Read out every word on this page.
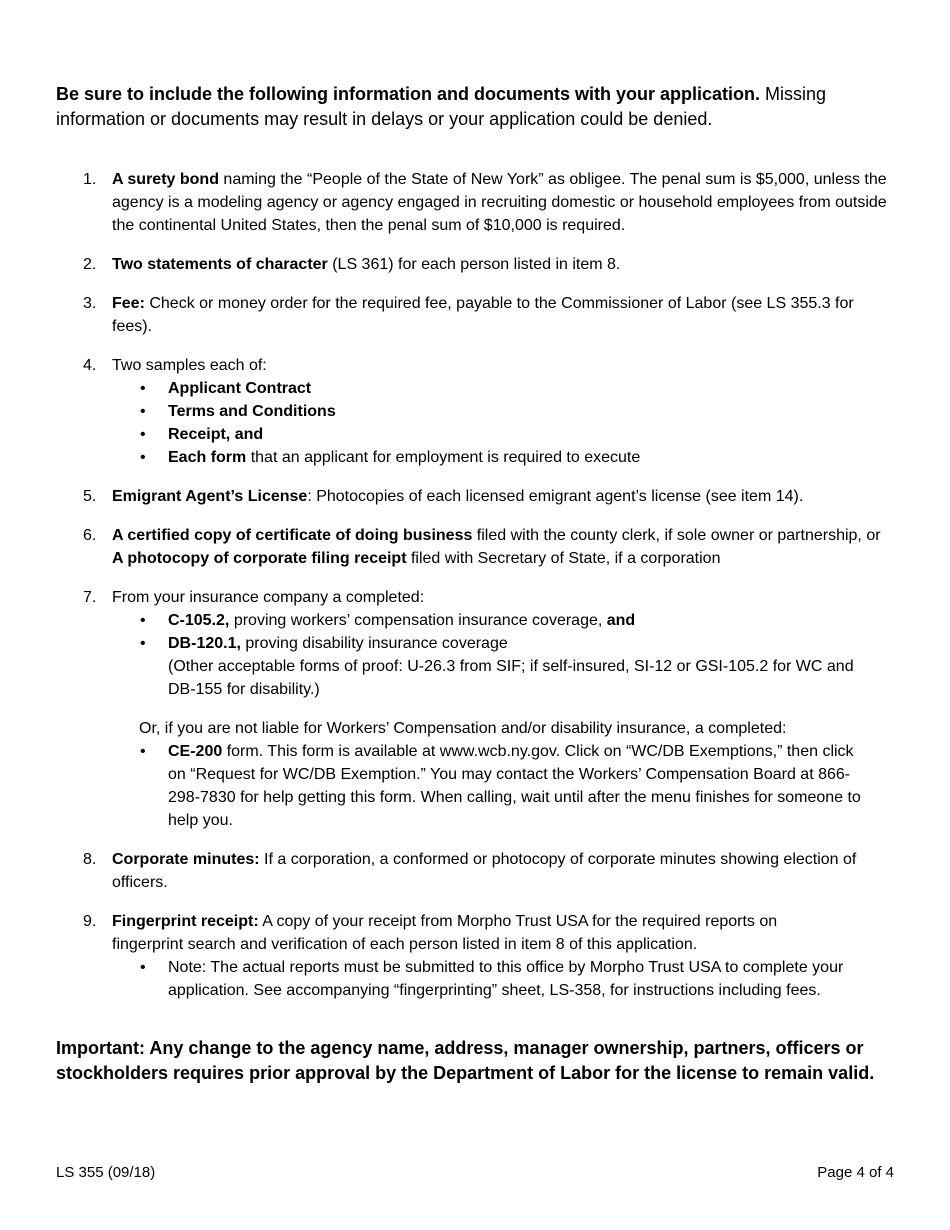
Be sure to include the following information and documents with your application. Missing information or documents may result in delays or your application could be denied.

1. A surety bond naming the “People of the State of New York” as obligee. The penal sum is $5,000, unless the agency is a modeling agency or agency engaged in recruiting domestic or household employees from outside the continental United States, then the penal sum of $10,000 is required.
2. Two statements of character (LS 361) for each person listed in item 8.
3. Fee: Check or money order for the required fee, payable to the Commissioner of Labor (see LS 355.3 for fees).
4. Two samples each of:
• Applicant Contract
• Terms and Conditions
• Receipt, and
• Each form that an applicant for employment is required to execute
5. Emigrant Agent’s License: Photocopies of each licensed emigrant agent’s license (see item 14).
6. A certified copy of certificate of doing business filed with the county clerk, if sole owner or partnership, or
A photocopy of corporate filing receipt filed with Secretary of State, if a corporation
7. From your insurance company a completed:
• C-105.2, proving workers’ compensation insurance coverage, and
• DB-120.1, proving disability insurance coverage
(Other acceptable forms of proof: U-26.3 from SIF; if self-insured, SI-12 or GSI-105.2 for WC and DB-155 for disability.)
Or, if you are not liable for Workers’ Compensation and/or disability insurance, a completed:
• CE-200 form. This form is available at www.wcb.ny.gov. Click on “WC/DB Exemptions,” then click on “Request for WC/DB Exemption.” You may contact the Workers’ Compensation Board at 866-298-7830 for help getting this form. When calling, wait until after the menu finishes for someone to help you.
8. Corporate minutes: If a corporation, a conformed or photocopy of corporate minutes showing election of officers.
9. Fingerprint receipt: A copy of your receipt from Morpho Trust USA for the required reports on fingerprint search and verification of each person listed in item 8 of this application.
• Note: The actual reports must be submitted to this office by Morpho Trust USA to complete your application. See accompanying “fingerprinting” sheet, LS-358, for instructions including fees.

Important: Any change to the agency name, address, manager ownership, partners, officers or stockholders requires prior approval by the Department of Labor for the license to remain valid.

LS 355 (09/18)	Page 4 of 4
